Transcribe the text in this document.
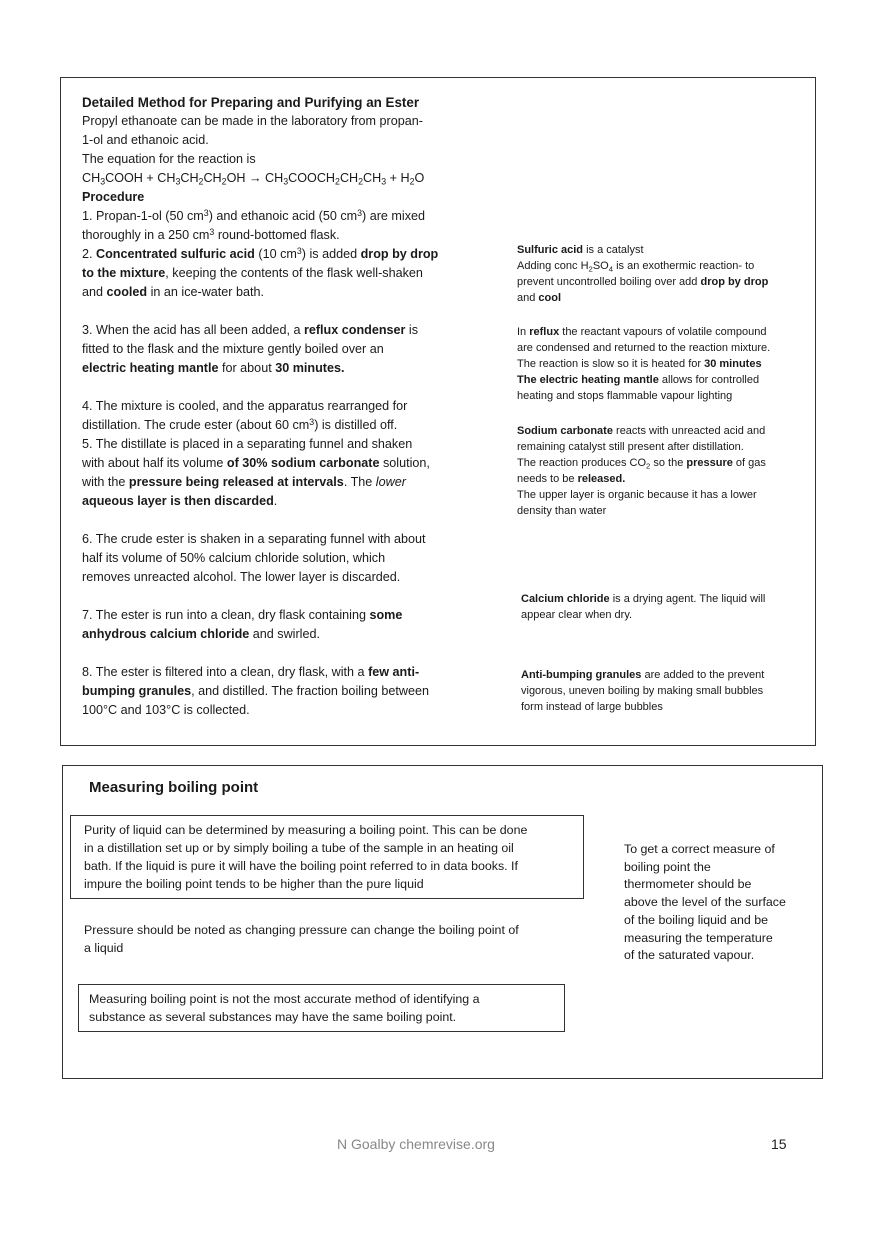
Detailed Method for Preparing and Purifying an Ester
Propyl ethanoate can be made in the laboratory from propan-
1-ol and ethanoic acid.
The equation for the reaction is
$CH_3COOH + CH_3CH_2CH_2OH$ → $CH_3COOCH_2CH_2CH_3 + H_2O$
Procedure
1. Propan-1-ol (50 $cm^3$) and ethanoic acid (50 $cm^3$) are mixed
thoroughly in a 250 $cm^3$ round-bottomed flask.
2. Concentrated sulfuric acid (10 $cm^3$) is added drop by drop
to the mixture, keeping the contents of the flask well-shaken
and cooled in an ice-water bath.

3. When the acid has all been added, a reflux condenser is
fitted to the flask and the mixture gently boiled over an
electric heating mantle for about 30 minutes.

4. The mixture is cooled, and the apparatus rearranged for
distillation. The crude ester (about 60 $cm^3$) is distilled off.
5. The distillate is placed in a separating funnel and shaken
with about half its volume of 30% sodium carbonate solution,
with the pressure being released at intervals. The lower
aqueous layer is then discarded.

6. The crude ester is shaken in a separating funnel with about
half its volume of 50% calcium chloride solution, which
removes unreacted alcohol. The lower layer is discarded.

7. The ester is run into a clean, dry flask containing some
anhydrous calcium chloride and swirled.

8. The ester is filtered into a clean, dry flask, with a few anti-
bumping granules, and distilled. The fraction boiling between
100°C and 103°C is collected.
Sulfuric acid is a catalyst
Adding conc $H_2SO_4$ is an exothermic reaction- to
prevent uncontrolled boiling over add drop by drop
and cool
In reflux the reactant vapours of volatile compound
are condensed and returned to the reaction mixture.
The reaction is slow so it is heated for 30 minutes
The electric heating mantle allows for controlled
heating and stops flammable vapour lighting
Sodium carbonate reacts with unreacted acid and
remaining catalyst still present after distillation.
The reaction produces $CO_2$ so the pressure of gas
needs to be released.
The upper layer is organic because it has a lower
density than water
Calcium chloride is a drying agent. The liquid will
appear clear when dry.
Anti-bumping granules are added to the prevent
vigorous, uneven boiling by making small bubbles
form instead of large bubbles
Measuring boiling point
Purity of liquid can be determined by measuring a boiling point. This can be done
in a distillation set up or by simply boiling a tube of the sample in an heating oil
bath. If the liquid is pure it will have the boiling point referred to in data books. If
impure the boiling point tends to be higher than the pure liquid
Pressure should be noted as changing pressure can change the boiling point of
a liquid
Measuring boiling point is not the most accurate method of identifying a
substance as several substances may have the same boiling point.
To get a correct measure of
boiling point the
thermometer should be
above the level of the surface
of the boiling liquid and be
measuring the temperature
of the saturated vapour.
N Goalby chemrevise.org	15
